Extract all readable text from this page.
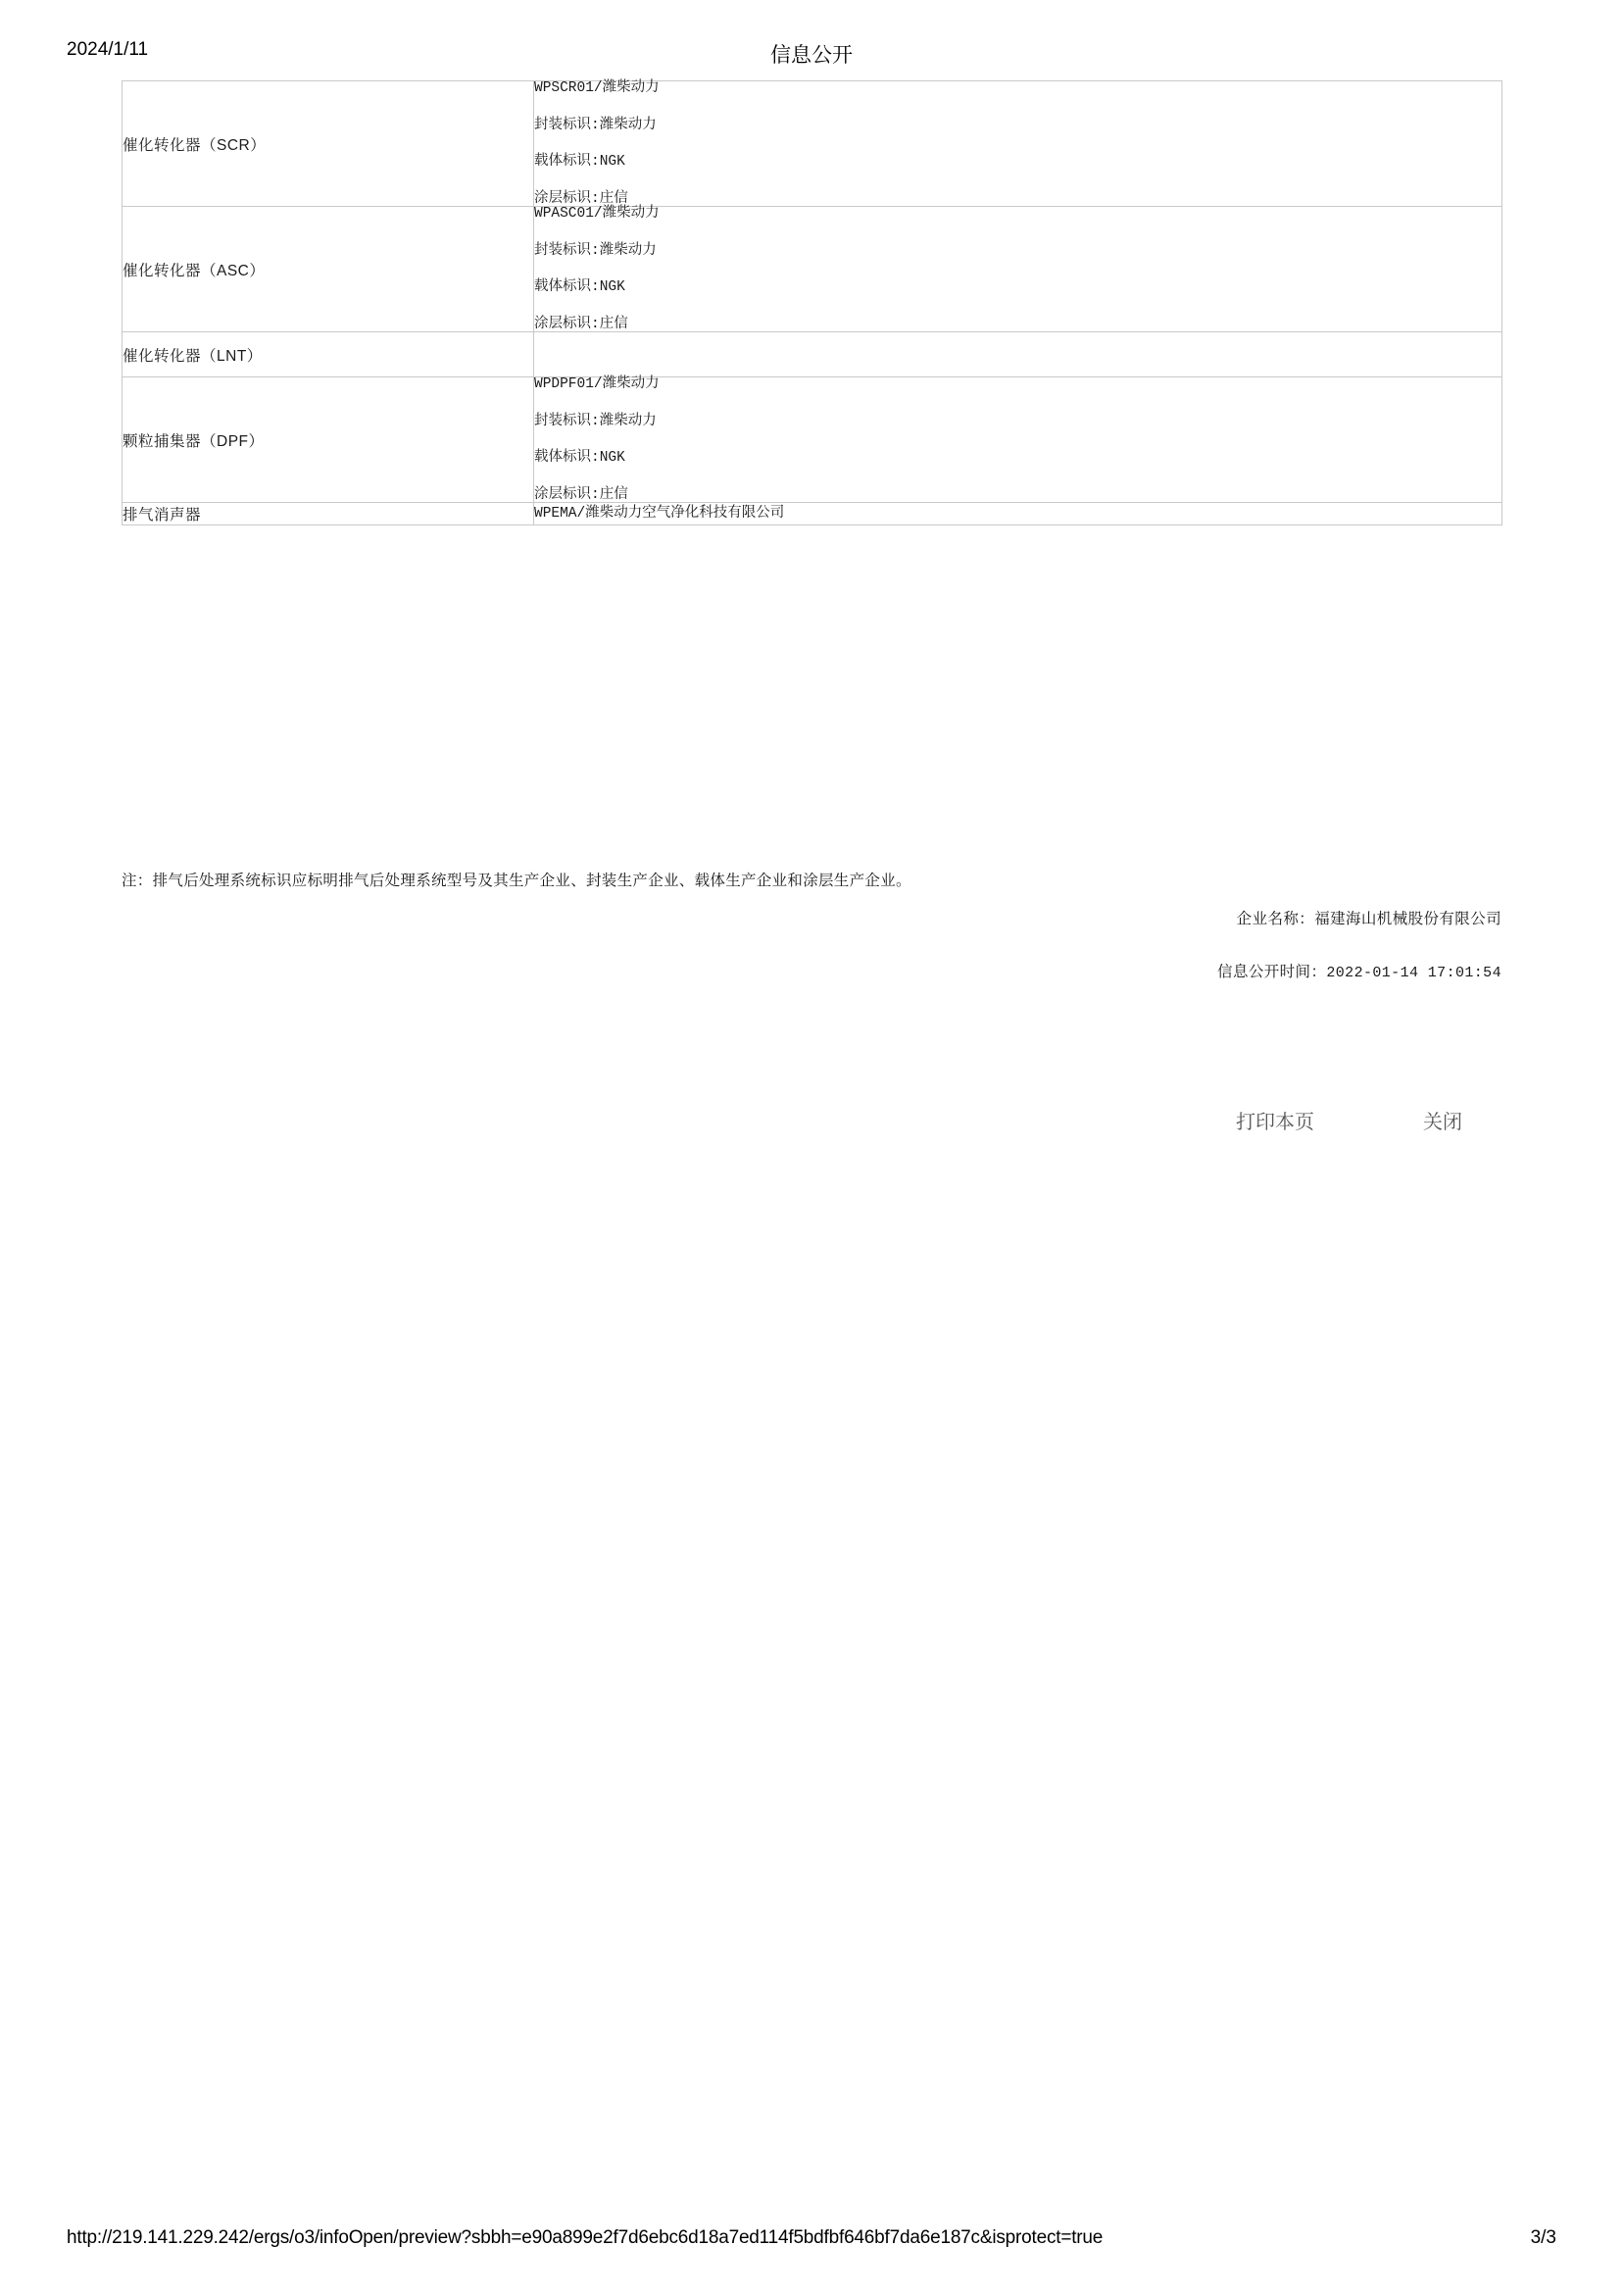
2024/1/11	信息公开
催化转化器（SCR）	WPSCR01/潍柴动力
封装标识:潍柴动力
载体标识:NGK
涂层标识:庄信

催化转化器（ASC）	WPASC01/潍柴动力
封装标识:潍柴动力
载体标识:NGK
涂层标识:庄信

催化转化器（LNT）	
颗粒捕集器（DPF）	WPDPF01/潍柴动力
封装标识:潍柴动力
载体标识:NGK
涂层标识:庄信

排气消声器	WPEMA/潍柴动力空气净化科技有限公司
注：排气后处理系统标识应标明排气后处理系统型号及其生产企业、封装生产企业、载体生产企业和涂层生产企业。
企业名称：福建海山机械股份有限公司
信息公开时间：2022-01-14 17:01:54
打印本页	关闭
http://219.141.229.242/ergs/o3/infoOpen/preview?sbbh=e90a899e2f7d6ebc6d18a7ed114f5bdfbf646bf7da6e187c&isprotect=true	3/3
